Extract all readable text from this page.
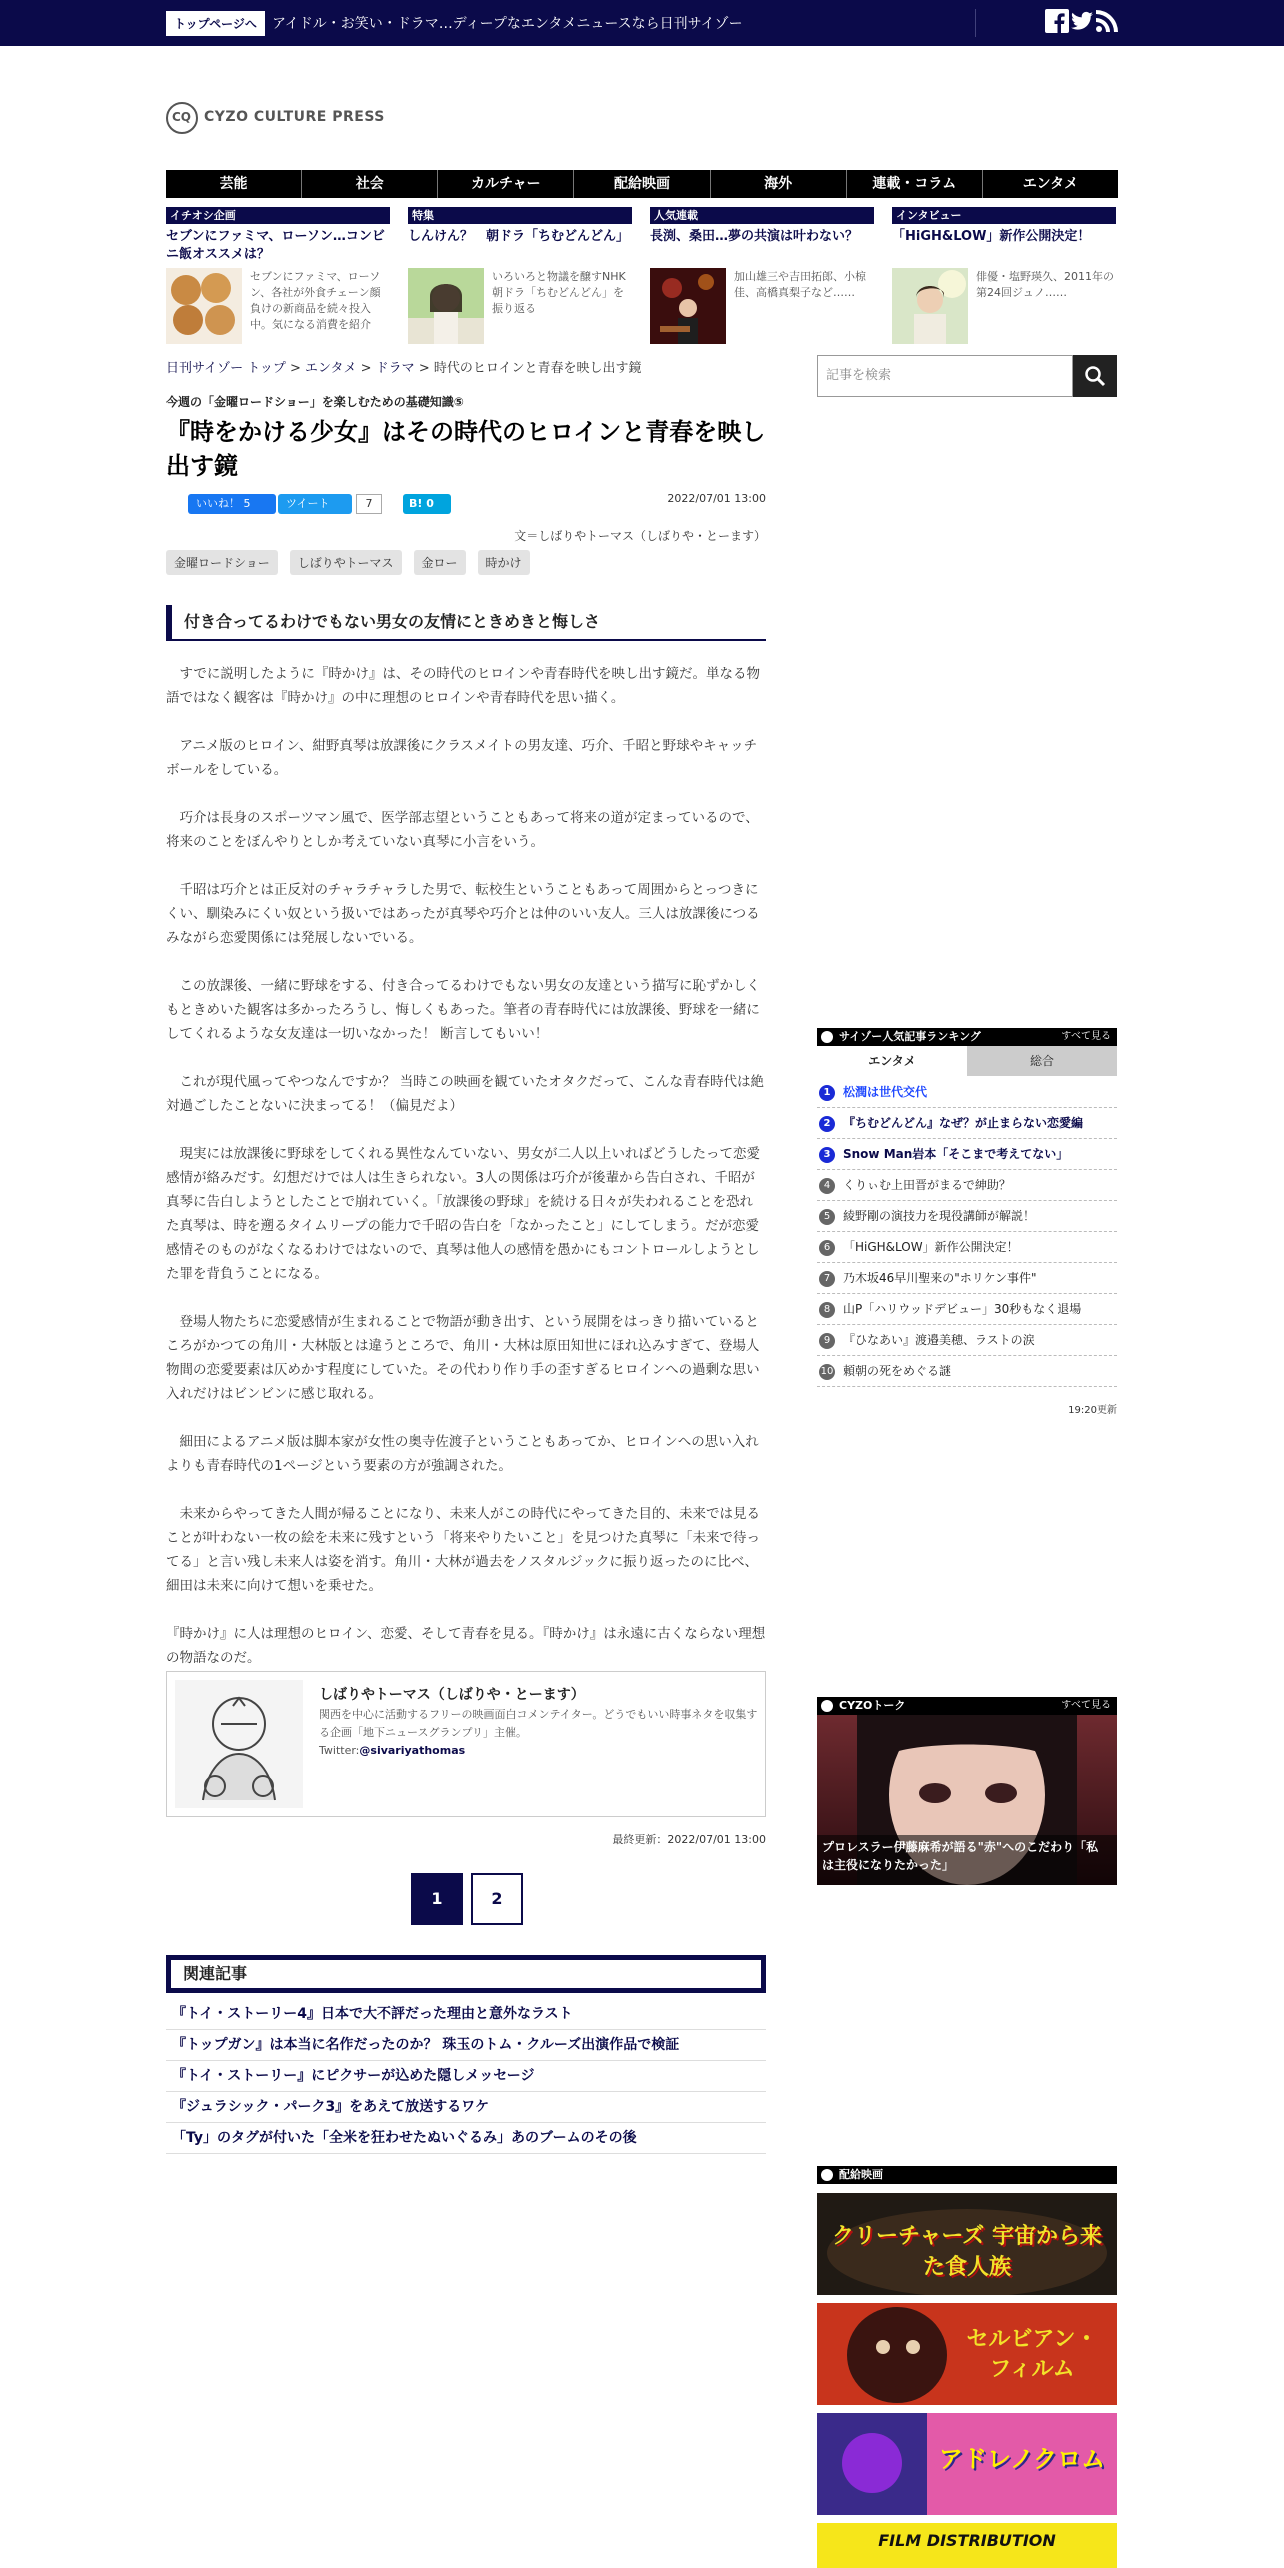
トップページへ	アイドル・お笑い・ドラマ…ディープなエンタメニュースなら日刊サイゾー
CQ CYZO CULTURE PRESS
芸能	社会	カルチャー	配給映画	海外	連載・コラム	エンタメ
イチオシ企画
セブンにファミマ、ローソン…コンビニ飯オススメは？
セブンにファミマ、ローソン、各社が外食チェーン顔負けの新商品を続々投入中。気になる消費を紹介
特集
しんけん？　朝ドラ「ちむどんどん」
いろいろと物議を醸すNHK朝ドラ「ちむどんどん」を振り返る
人気連載
長渕、桑田…夢の共演は叶わない？
加山雄三や吉田拓郎、小椋佳、高橋真梨子など……
インタビュー
「HiGH&LOW」新作公開決定！
俳優・塩野瑛久、2011年の第24回ジュノ……
日刊サイゾー トップ > エンタメ > ドラマ > 時代のヒロインと青春を映し出す鏡	記事を検索
今週の「金曜ロードショー」を楽しむための基礎知識⑤
『時をかける少女』はその時代のヒロインと青春を映し出す鏡
いいね！ 5	ツイート	7	B! 0	2022/07/01 13:00
文＝しばりやトーマス（しばりや・とーます）
金曜ロードショー	しばりやトーマス	金ロー	時かけ
付き合ってるわけでもない男女の友情にときめきと悔しさ

すでに説明したように『時かけ』は、その時代のヒロインや青春時代を映し出す鏡だ。単なる物語ではなく観客は『時かけ』の中に理想のヒロインや青春時代を思い描く。

アニメ版のヒロイン、紺野真琴は放課後にクラスメイトの男友達、巧介、千昭と野球やキャッチボールをしている。

巧介は長身のスポーツマン風で、医学部志望ということもあって将来の道が定まっているので、将来のことをぼんやりとしか考えていない真琴に小言をいう。

千昭は巧介とは正反対のチャラチャラした男で、転校生ということもあって周囲からとっつきにくい、馴染みにくい奴という扱いではあったが真琴や巧介とは仲のいい友人。三人は放課後につるみながら恋愛関係には発展しないでいる。

この放課後、一緒に野球をする、付き合ってるわけでもない男女の友達という描写に恥ずかしくもときめいた観客は多かったろうし、悔しくもあった。筆者の青春時代には放課後、野球を一緒にしてくれるような女友達は一切いなかった！ 断言してもいい！

これが現代風ってやつなんですか？ 当時この映画を観ていたオタクだって、こんな青春時代は絶対過ごしたことないに決まってる！（偏見だよ）

現実には放課後に野球をしてくれる異性なんていない、男女が二人以上いればどうしたって恋愛感情が絡みだす。幻想だけでは人は生きられない。3人の関係は巧介が後輩から告白され、千昭が真琴に告白しようとしたことで崩れていく。「放課後の野球」を続ける日々が失われることを恐れた真琴は、時を遡るタイムリープの能力で千昭の告白を「なかったこと」にしてしまう。だが恋愛感情そのものがなくなるわけではないので、真琴は他人の感情を愚かにもコントロールしようとした罪を背負うことになる。

登場人物たちに恋愛感情が生まれることで物語が動き出す、という展開をはっきり描いているところがかつての角川・大林版とは違うところで、角川・大林は原田知世にほれ込みすぎて、登場人物間の恋愛要素は仄めかす程度にしていた。その代わり作り手の歪すぎるヒロインへの過剰な思い入れだけはビンビンに感じ取れる。

細田によるアニメ版は脚本家が女性の奥寺佐渡子ということもあってか、ヒロインへの思い入れよりも青春時代の1ページという要素の方が強調された。

未来からやってきた人間が帰ることになり、未来人がこの時代にやってきた目的、未来では見ることが叶わない一枚の絵を未来に残すという「将来やりたいこと」を見つけた真琴に「未来で待ってる」と言い残し未来人は姿を消す。角川・大林が過去をノスタルジックに振り返ったのに比べ、細田は未来に向けて想いを乗せた。

『時かけ』に人は理想のヒロイン、恋愛、そして青春を見る。『時かけ』は永遠に古くならない理想の物語なのだ。

しばりやトーマス（しばりや・とーます）
関西を中心に活動するフリーの映画面白コメンテイター。どうでもいい時事ネタを収集する企画「地下ニュースグランプリ」主催。
Twitter:@sivariyathomas
最終更新：2022/07/01 13:00
1	2
関連記事
『トイ・ストーリー4』日本で大不評だった理由と意外なラスト
『トップガン』は本当に名作だったのか？ 珠玉のトム・クルーズ出演作品で検証
『トイ・ストーリー』にピクサーが込めた隠しメッセージ
『ジュラシック・パーク3』をあえて放送するワケ
「Ty」のタグが付いた「全米を狂わせたぬいぐるみ」あのブームのその後
サイゾー人気記事ランキング	すべて見る
エンタメ	総合
1	松潤は世代交代
2	『ちむどんどん』なぜ？が止まらない恋愛編
3	Snow Man岩本「そこまで考えてない」
4	くりぃむ上田晋がまるで紳助？
5	綾野剛の演技力を現役講師が解説！
6	「HiGH&LOW」新作公開決定！
7	乃木坂46早川聖来の"ホリケン事件"
8	山P「ハリウッドデビュー」30秒もなく退場
9	『ひなあい』渡邉美穂、ラストの涙
10 頼朝の死をめぐる謎
19:20更新
CYZOトーク	すべて見る
プロレスラー伊藤麻希が語る"赤"へのこだわり「私は主役になりたかった」
配給映画
クリーチャーズ 宇宙から来た食人族
セルビアン・フィルム
アドレノクロム
FILM DISTRIBUTION
